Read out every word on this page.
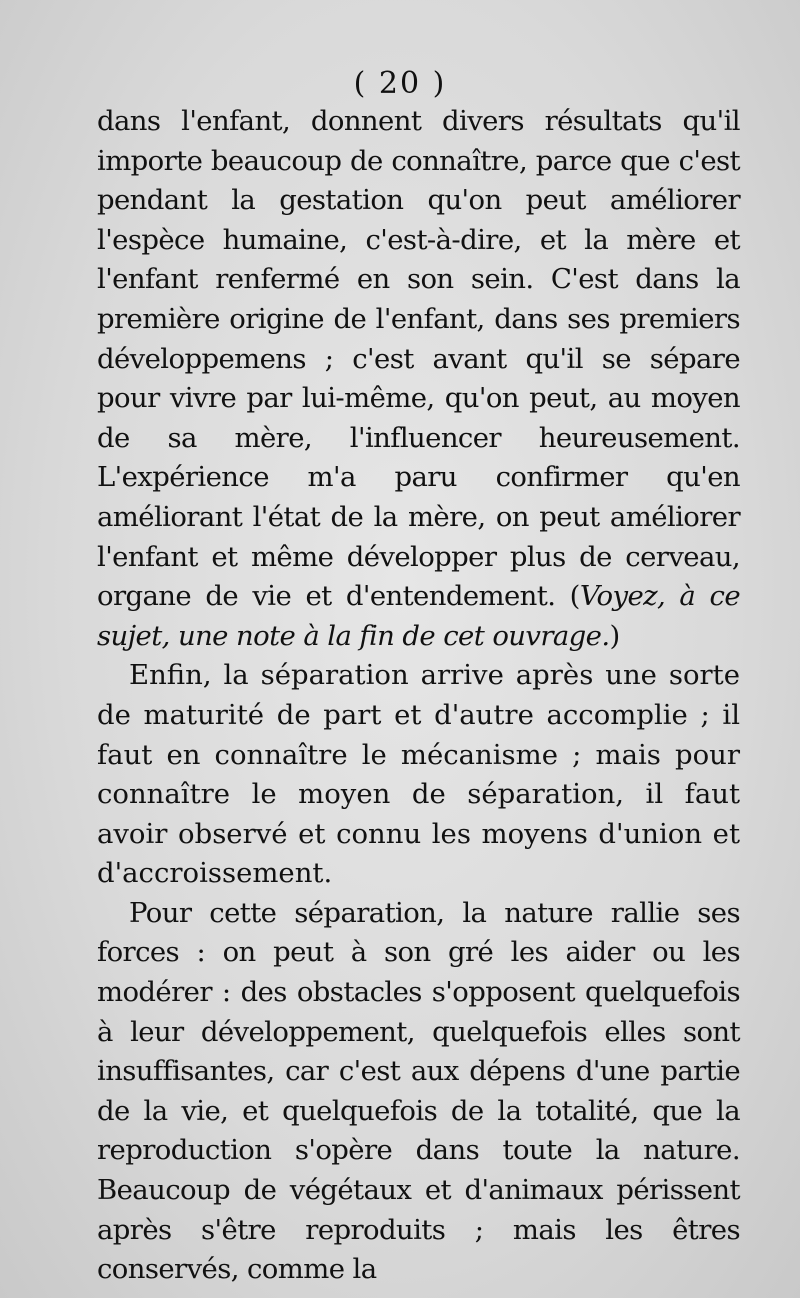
( 20 )

dans l'enfant, donnent divers résultats qu'il importe beaucoup de connaître, parce que c'est pendant la gestation qu'on peut améliorer l'espèce humaine, c'est-à-dire, et la mère et l'enfant renfermé en son sein. C'est dans la première origine de l'enfant, dans ses premiers développemens ; c'est avant qu'il se sépare pour vivre par lui-même, qu'on peut, au moyen de sa mère, l'influencer heureusement. L'expérience m'a paru confirmer qu'en améliorant l'état de la mère, on peut améliorer l'enfant et même développer plus de cerveau, organe de vie et d'entendement. (Voyez, à ce sujet, une note à la fin de cet ouvrage.)

Enfin, la séparation arrive après une sorte de maturité de part et d'autre accomplie ; il faut en connaître le mécanisme ; mais pour connaître le moyen de séparation, il faut avoir observé et connu les moyens d'union et d'accroissement.

Pour cette séparation, la nature rallie ses forces : on peut à son gré les aider ou les modérer : des obstacles s'opposent quelquefois à leur développement, quelquefois elles sont insuffisantes, car c'est aux dépens d'une partie de la vie, et quelquefois de la totalité, que la reproduction s'opère dans toute la nature. Beaucoup de végétaux et d'animaux périssent après s'être reproduits ; mais les êtres conservés, comme la
